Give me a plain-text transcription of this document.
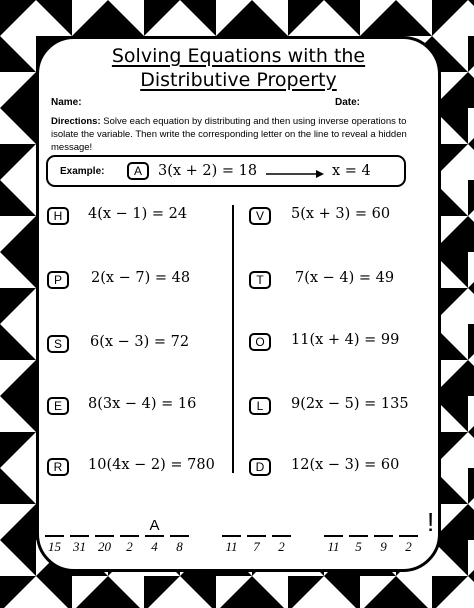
Solving Equations with the
Distributive Property
Name:	Date:
Directions: Solve each equation by distributing and then using inverse operations to isolate the variable. Then write the corresponding letter on the line to reveal a hidden message!
Example:	A	3(x + 2) = 18	x = 4
H	4(x − 1) = 24
P	2(x − 7) = 48
S	6(x − 3) = 72
E	8(3x − 4) = 16
R	10(4x − 2) = 780
V	5(x + 3) = 60
T	7(x − 4) = 49
O	11(x + 4) = 99
L	9(2x − 5) = 135
D	12(x − 3) = 60
15 31 20	2
A
4	8	11	7	2	11	5	9	2
!
